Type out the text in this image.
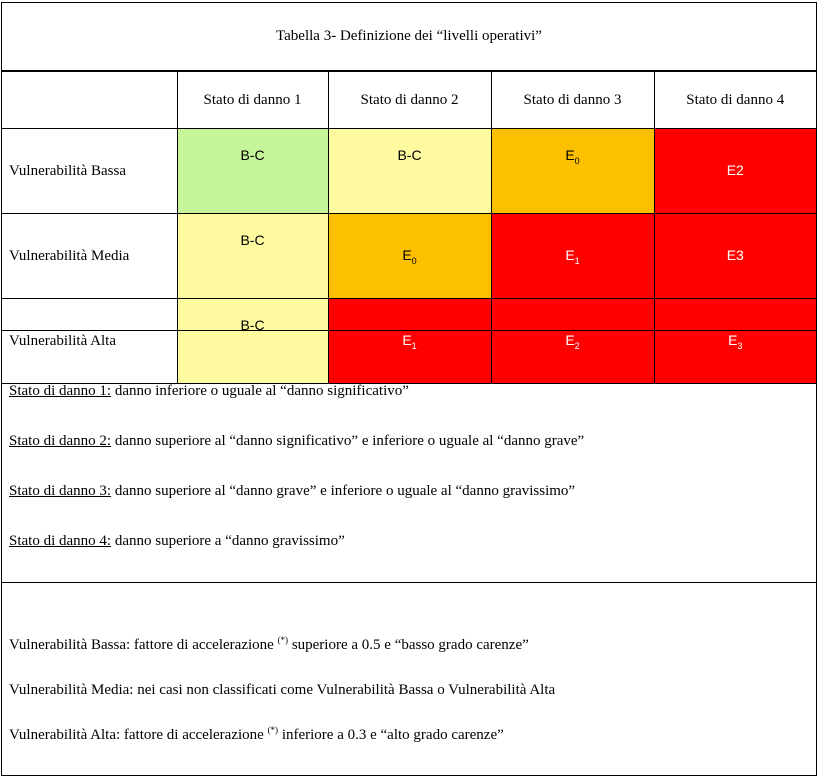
Tabella 3- Definizione dei “livelli operativi”
	Stato di danno 1	Stato di danno 2	Stato di danno 3	Stato di danno 4
Vulnerabilità Bassa	B-C	B-C	$E_0$	E2
Vulnerabilità Media	B-C	$E_0$	$E_1$	E3
Vulnerabilità Alta	B-C	$E_1$	$E_2$	$E_3$

Stato di danno 1: danno inferiore o uguale al “danno significativo”

Stato di danno 2: danno superiore al “danno significativo” e inferiore o uguale al “danno grave”

Stato di danno 3: danno superiore al “danno grave” e inferiore o uguale al “danno gravissimo”

Stato di danno 4: danno superiore a “danno gravissimo”

Vulnerabilità Bassa: fattore di accelerazione (*) superiore a 0.5 e “basso grado carenze”

Vulnerabilità Media: nei casi non classificati come Vulnerabilità Bassa o Vulnerabilità Alta

Vulnerabilità Alta: fattore di accelerazione (*) inferiore a 0.3 e “alto grado carenze”
